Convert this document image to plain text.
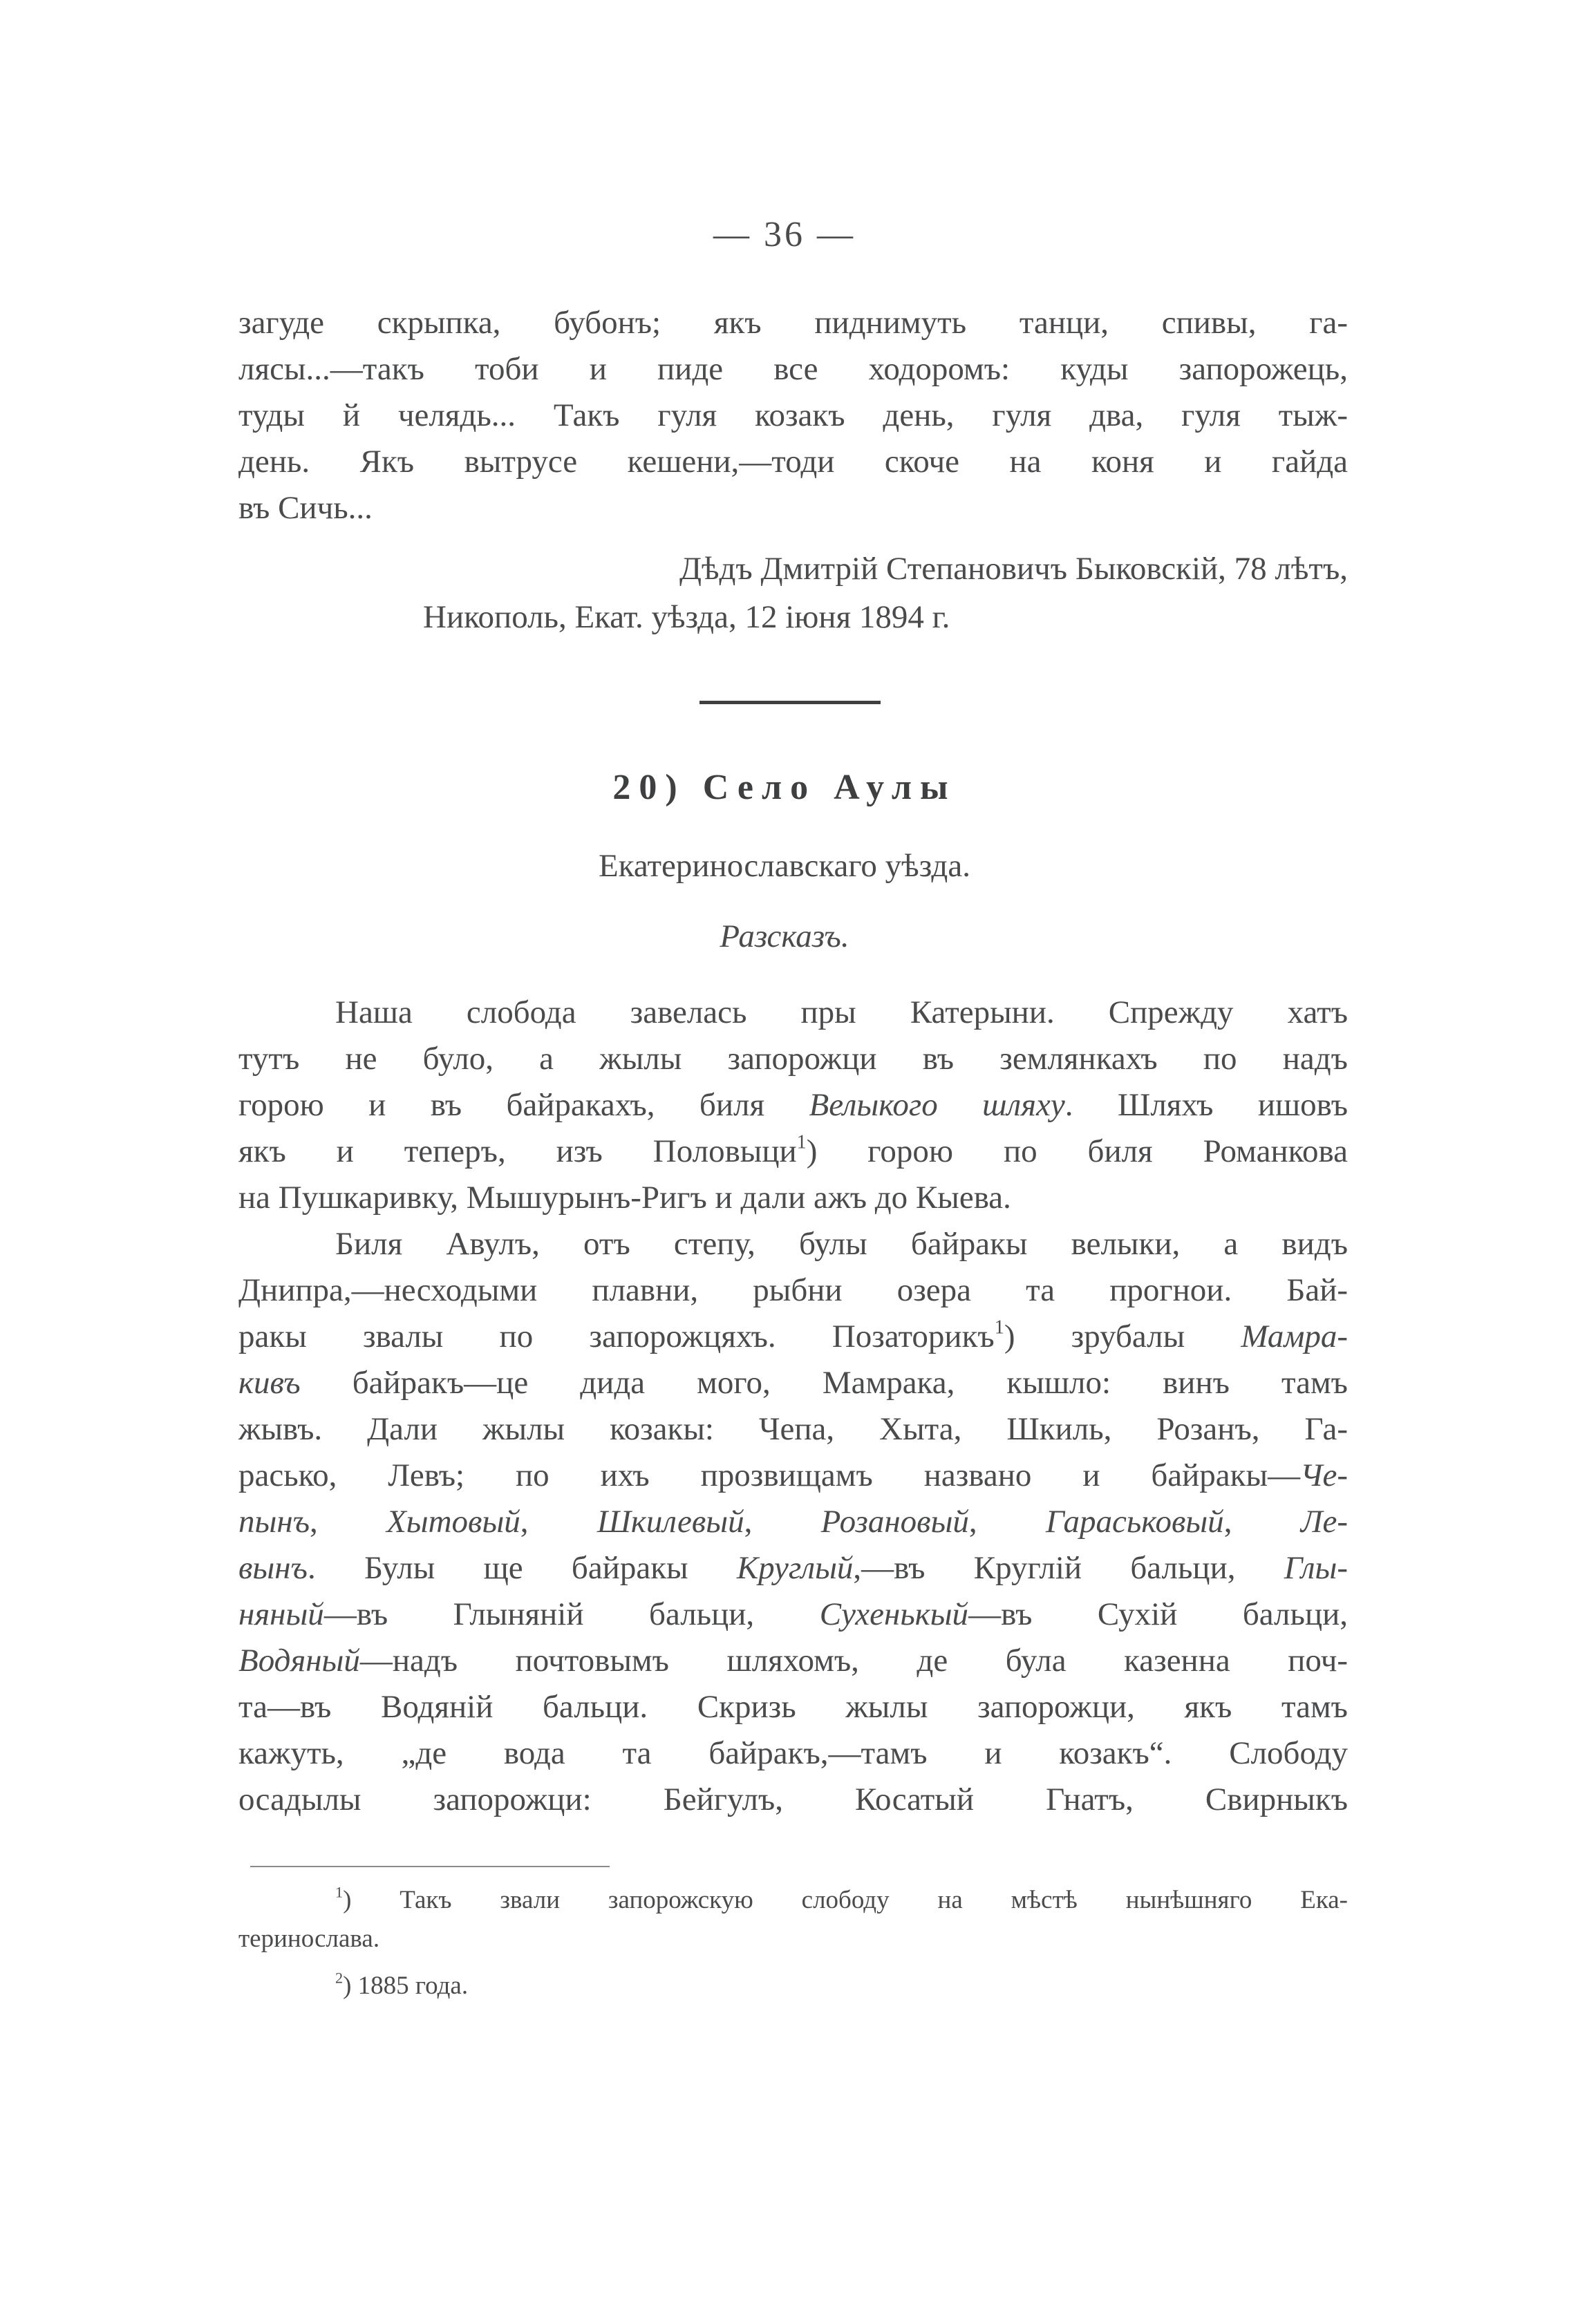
— 36 —
загуде скрыпка, бубонъ; якъ пиднимуть танци, спивы, га-
лясы...—такъ тоби и пиде все ходоромъ: куды запорожець,
туды й челядь... Такъ гуля козакъ день, гуля два, гуля тыж-
день. Якъ вытрусе кешени,—тоди скоче на коня и гайда
въ Сичь...
Дѣдъ Дмитрій Степановичъ Быковскій, 78 лѣтъ,
Никополь, Екат. уѣзда, 12 іюня 1894 г.
20) Село Аулы
Екатеринославскаго уѣзда.
Разсказъ.
Наша слобода завелась пры Катерыни. Спрежду хатъ
тутъ не було, а жылы запорожци въ землянкахъ по надъ
горою и въ байракахъ, биля Велыкого шляху. Шляхъ ишовъ
якъ и теперъ, изъ Половыци$^1$) горою по биля Романкова
на Пушкаривку, Мышурынъ-Ригъ и дали ажъ до Кыева.
Биля Авулъ, отъ степу, булы байракы велыки, а видъ
Днипра,—несходыми плавни, рыбни озера та прогнои. Бай-
ракы звалы по запорожцяхъ. Позаторикъ$^1$) зрубалы Мамра-
кивъ байракъ—це дида мого, Мамрака, кышло: винъ тамъ
жывъ. Дали жылы козакы: Чепа, Хыта, Шкиль, Розанъ, Га-
расько, Левъ; по ихъ прозвищамъ названо и байракы—Че-
пынъ, Хытовый, Шкилевый, Розановый, Гараськовый, Ле-
вынъ. Булы ще байракы Круглый,—въ Круглій бальци, Глы-
няный—въ Глыняній бальци, Сухенькый—въ Сухій бальци,
Водяный—надъ почтовымъ шляхомъ, де була казенна поч-
та—въ Водяній бальци. Скризь жылы запорожци, якъ тамъ
кажуть, „де вода та байракъ,—тамъ и козакъ“. Слободу
осадылы запорожци: Бейгулъ, Косатый Гнатъ, Свирныкъ
$^1$) Такъ звали запорожскую слободу на мѣстѣ нынѣшняго Ека-
теринослава.
$^2$) 1885 года.
